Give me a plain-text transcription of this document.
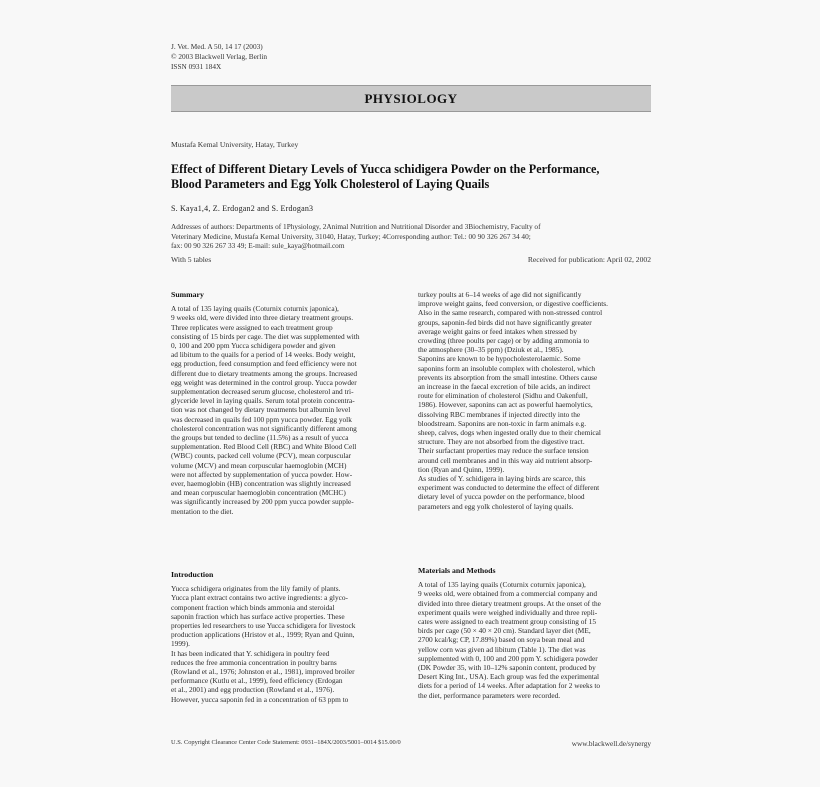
J. Vet. Med. A 50, 14 17 (2003)
© 2003 Blackwell Verlag, Berlin
ISSN 0931 184X
PHYSIOLOGY
Mustafa Kemal University, Hatay, Turkey
Effect of Different Dietary Levels of Yucca schidigera Powder on the Performance,
Blood Parameters and Egg Yolk Cholesterol of Laying Quails
S. Kaya1,4, Z. Erdogan2 and S. Erdogan3
Addresses of authors: Departments of 1Physiology, 2Animal Nutrition and Nutritional Disorder and 3Biochemistry, Faculty of
Veterinary Medicine, Mustafa Kemal University, 31040, Hatay, Turkey; 4Corresponding author: Tel.: 00 90 326 267 34 40;
fax: 00 90 326 267 33 49; E-mail: sule_kaya@hotmail.com
With 5 tables	Received for publication: April 02, 2002
Summary
A total of 135 laying quails (Coturnix coturnix japonica),
9 weeks old, were divided into three dietary treatment groups.
Three replicates were assigned to each treatment group
consisting of 15 birds per cage. The diet was supplemented with
0, 100 and 200 ppm Yucca schidigera powder and given
ad libitum to the quails for a period of 14 weeks. Body weight,
egg production, feed consumption and feed efficiency were not
different due to dietary treatments among the groups. Increased
egg weight was determined in the control group. Yucca powder
supplementation decreased serum glucose, cholesterol and tri-
glyceride level in laying quails. Serum total protein concentra-
tion was not changed by dietary treatments but albumin level
was decreased in quails fed 100 ppm yucca powder. Egg yolk
cholesterol concentration was not significantly different among
the groups but tended to decline (11.5%) as a result of yucca
supplementation. Red Blood Cell (RBC) and White Blood Cell
(WBC) counts, packed cell volume (PCV), mean corpuscular
volume (MCV) and mean corpuscular haemoglobin (MCH)
were not affected by supplementation of yucca powder. How-
ever, haemoglobin (HB) concentration was slightly increased
and mean corpuscular haemoglobin concentration (MCHC)
was significantly increased by 200 ppm yucca powder supple-
mentation to the diet.
Introduction
Yucca schidigera originates from the lily family of plants.
Yucca plant extract contains two active ingredients: a glyco-
component fraction which binds ammonia and steroidal
saponin fraction which has surface active properties. These
properties led researchers to use Yucca schidigera for livestock
production applications (Hristov et al., 1999; Ryan and Quinn,
1999).
It has been indicated that Y. schidigera in poultry feed
reduces the free ammonia concentration in poultry barns
(Rowland et al., 1976; Johnston et al., 1981), improved broiler
performance (Kutlu et al., 1999), feed efficiency (Erdogan
et al., 2001) and egg production (Rowland et al., 1976).
However, yucca saponin fed in a concentration of 63 ppm to
turkey poults at 6–14 weeks of age did not significantly
improve weight gains, feed conversion, or digestive coefficients.
Also in the same research, compared with non-stressed control
groups, saponin-fed birds did not have significantly greater
average weight gains or feed intakes when stressed by
crowding (three poults per cage) or by adding ammonia to
the atmosphere (30–35 ppm) (Dziuk et al., 1985).
Saponins are known to be hypocholesterolaemic. Some
saponins form an insoluble complex with cholesterol, which
prevents its absorption from the small intestine. Others cause
an increase in the faecal excretion of bile acids, an indirect
route for elimination of cholesterol (Sidhu and Oakenfull,
1986). However, saponins can act as powerful haemolytics,
dissolving RBC membranes if injected directly into the
bloodstream. Saponins are non-toxic in farm animals e.g.
sheep, calves, dogs when ingested orally due to their chemical
structure. They are not absorbed from the digestive tract.
Their surfactant properties may reduce the surface tension
around cell membranes and in this way aid nutrient absorp-
tion (Ryan and Quinn, 1999).
As studies of Y. schidigera in laying birds are scarce, this
experiment was conducted to determine the effect of different
dietary level of yucca powder on the performance, blood
parameters and egg yolk cholesterol of laying quails.
Materials and Methods
A total of 135 laying quails (Coturnix coturnix japonica),
9 weeks old, were obtained from a commercial company and
divided into three dietary treatment groups. At the onset of the
experiment quails were weighed individually and three repli-
cates were assigned to each treatment group consisting of 15
birds per cage (50 × 40 × 20 cm). Standard layer diet (ME,
2700 kcal/kg; CP, 17.89%) based on soya bean meal and
yellow corn was given ad libitum (Table 1). The diet was
supplemented with 0, 100 and 200 ppm Y. schidigera powder
(DK Powder 35, with 10–12% saponin content, produced by
Desert King Int., USA). Each group was fed the experimental
diets for a period of 14 weeks. After adaptation for 2 weeks to
the diet, performance parameters were recorded.
U.S. Copyright Clearance Center Code Statement: 0931–184X/2003/5001–0014 $15.00/0	www.blackwell.de/synergy
